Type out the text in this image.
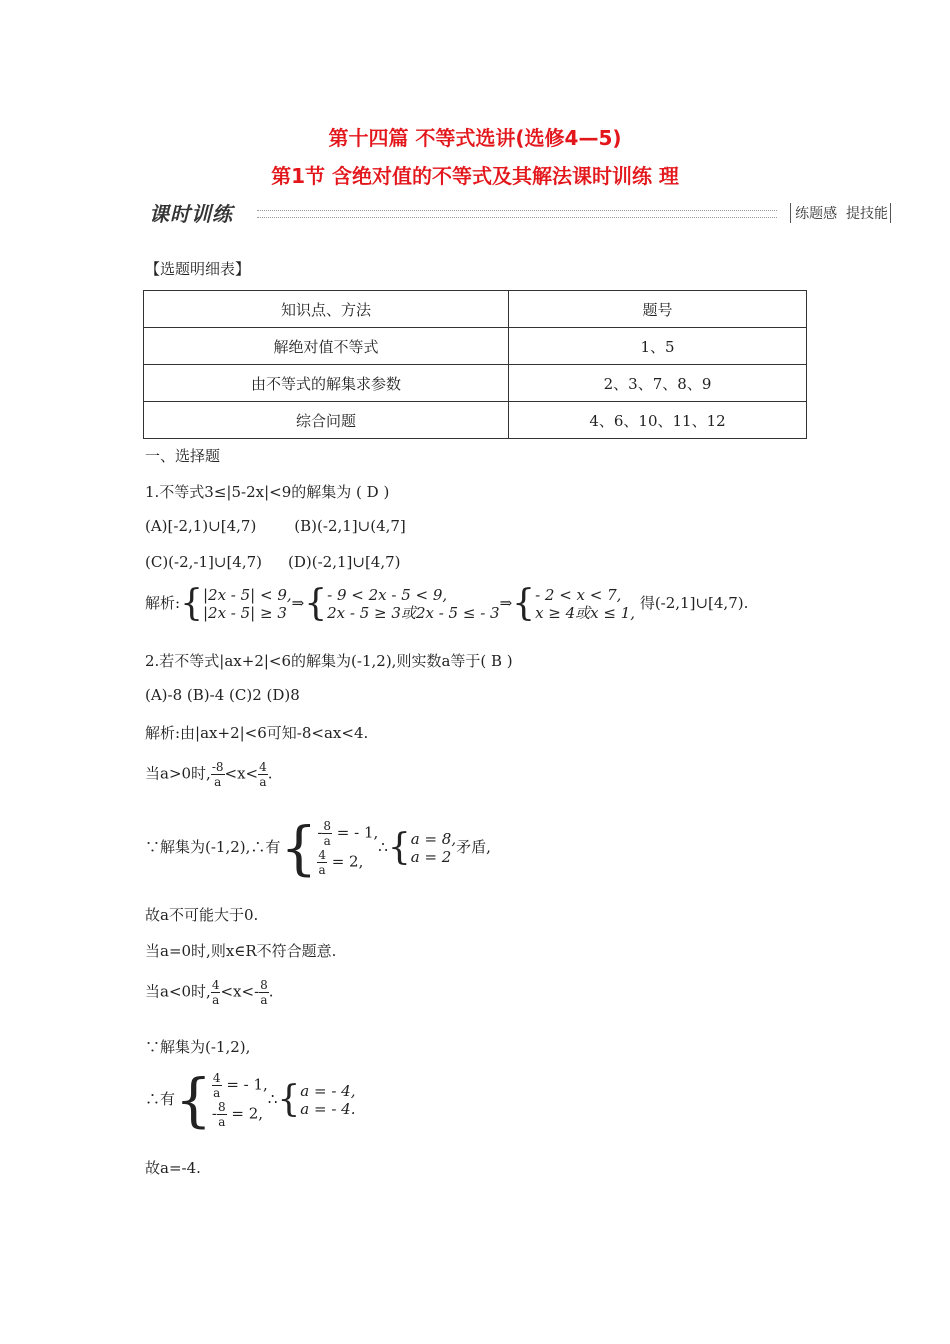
第十四篇 不等式选讲(选修4—5)
第1节 含绝对值的不等式及其解法课时训练 理
课时训练	练题感  提技能
【选题明细表】
知识点、方法	题号
解绝对值不等式	1、5
由不等式的解集求参数	2、3、7、8、9
综合问题	4、6、10、11、12
一、选择题
1.不等式3≤|5-2x|<9的解集为 ( D )
(A)[-2,1)∪[4,7)	(B)(-2,1]∪(4,7]
(C)(-2,-1]∪[4,7) (D)(-2,1]∪[4,7)
解析:{|2x - 5| < 9,
|2x - 5| ≥ 3⇒{- 9 < 2x - 5 < 9,
2x - 5 ≥ 3或2x - 5 ≤ - 3⇒{- 2 < x < 7,
x ≥ 4或x ≤ 1, 得(-2,1]∪[4,7).
2.若不等式|ax+2|<6的解集为(-1,2),则实数a等于( B )
(A)-8 (B)-4 (C)2 (D)8
解析:由|ax+2|<6可知-8<ax<4.
当a>0时, $\frac{-8}{a} <x< \frac{4}{a}$ .
∵解集为(-1,2),∴有{- $\frac{8}{a}$ = - 1,

$\frac{4}{a}$ = 2,∴{a = 8,
a = 2矛盾,
故a不可能大于0.
当a=0时,则x∈R不符合题意.
当a<0时, $\frac{4}{a} <x<- \frac{8}{a}$ .
∵解集为(-1,2),
∴有{ $\frac{4}{a}$ = - 1,
- $\frac{8}{a}$ = 2,∴{a = - 4,
a = - 4.
故a=-4.
